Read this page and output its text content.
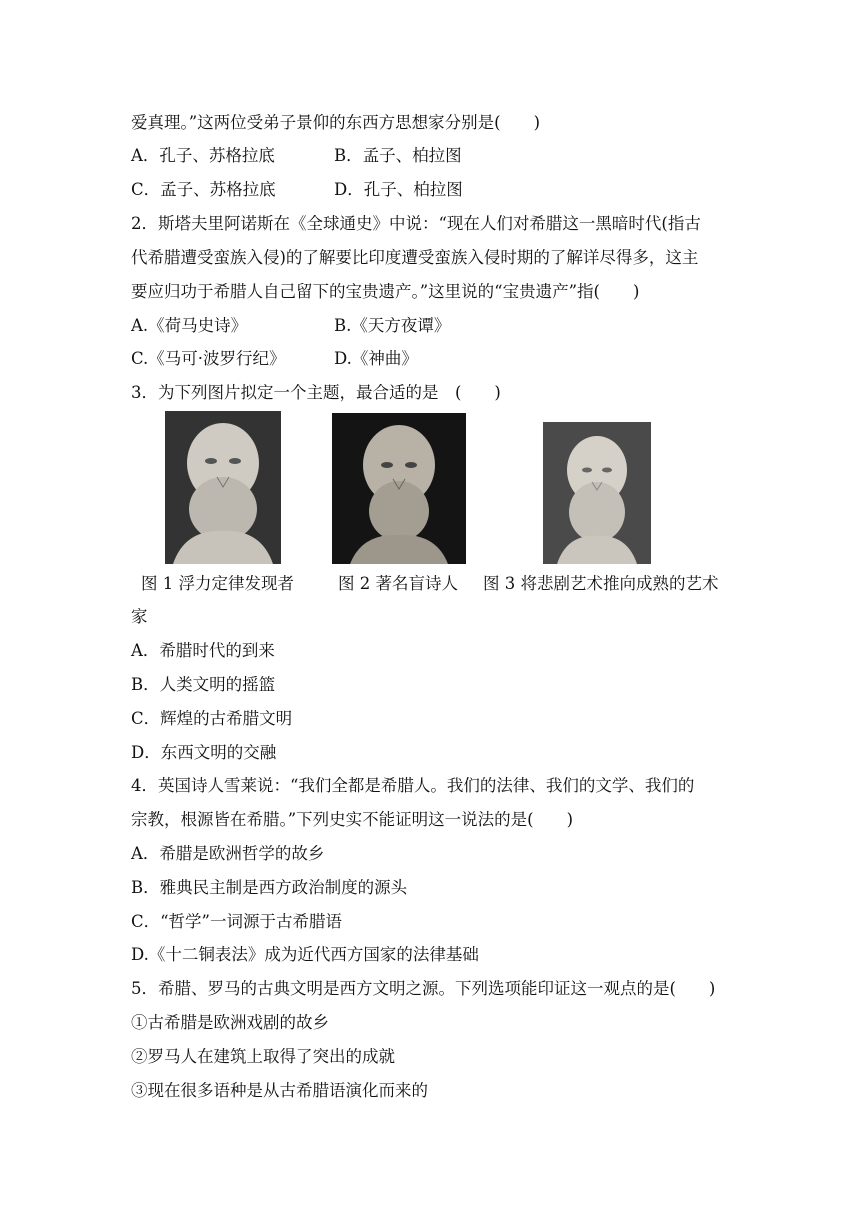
爱真理。”这两位受弟子景仰的东西方思想家分别是(　　)
A．孔子、苏格拉底	B．孟子、柏拉图
C．孟子、苏格拉底	D．孔子、柏拉图
2．斯塔夫里阿诺斯在《全球通史》中说：“现在人们对希腊这一黑暗时代(指古
代希腊遭受蛮族入侵)的了解要比印度遭受蛮族入侵时期的了解详尽得多，这主
要应归功于希腊人自己留下的宝贵遗产。”这里说的“宝贵遗产”指(　　)
A.《荷马史诗》	B.《天方夜谭》
C.《马可·波罗行纪》	D.《神曲》
3．为下列图片拟定一个主题，最合适的是　(　　)
图 1 浮力定律发现者	图 2 著名盲诗人 图 3 将悲剧艺术推向成熟的艺术
家
A．希腊时代的到来
B．人类文明的摇篮
C．辉煌的古希腊文明
D．东西文明的交融
4．英国诗人雪莱说：“我们全都是希腊人。我们的法律、我们的文学、我们的
宗教，根源皆在希腊。”下列史实不能证明这一说法的是(　　)
A．希腊是欧洲哲学的故乡
B．雅典民主制是西方政治制度的源头
C．“哲学”一词源于古希腊语
D.《十二铜表法》成为近代西方国家的法律基础
5．希腊、罗马的古典文明是西方文明之源。下列选项能印证这一观点的是(　　)
①古希腊是欧洲戏剧的故乡
②罗马人在建筑上取得了突出的成就
③现在很多语种是从古希腊语演化而来的
